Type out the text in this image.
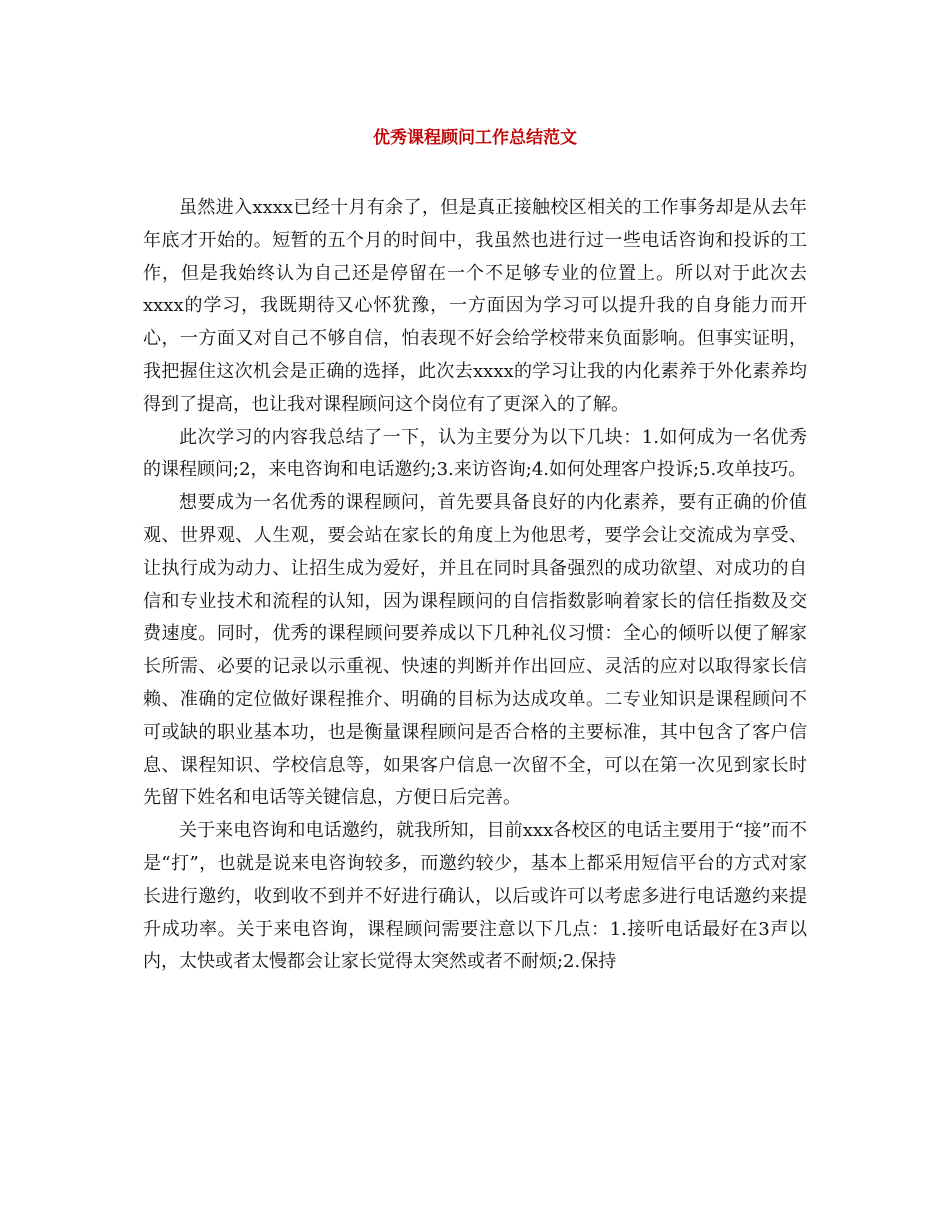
优秀课程顾问工作总结范文

虽然进入xxxx已经十月有余了，但是真正接触校区相关的工作事务却是从去年年底才开始的。短暂的五个月的时间中，我虽然也进行过一些电话咨询和投诉的工作，但是我始终认为自己还是停留在一个不足够专业的位置上。所以对于此次去xxxx的学习，我既期待又心怀犹豫，一方面因为学习可以提升我的自身能力而开心，一方面又对自己不够自信，怕表现不好会给学校带来负面影响。但事实证明，我把握住这次机会是正确的选择，此次去xxxx的学习让我的内化素养于外化素养均得到了提高，也让我对课程顾问这个岗位有了更深入的了解。

此次学习的内容我总结了一下，认为主要分为以下几块：1.如何成为一名优秀的课程顾问;2，来电咨询和电话邀约;3.来访咨询;4.如何处理客户投诉;5.攻单技巧。

想要成为一名优秀的课程顾问，首先要具备良好的内化素养，要有正确的价值观、世界观、人生观，要会站在家长的角度上为他思考，要学会让交流成为享受、让执行成为动力、让招生成为爱好，并且在同时具备强烈的成功欲望、对成功的自信和专业技术和流程的认知，因为课程顾问的自信指数影响着家长的信任指数及交费速度。同时，优秀的课程顾问要养成以下几种礼仪习惯：全心的倾听以便了解家长所需、必要的记录以示重视、快速的判断并作出回应、灵活的应对以取得家长信赖、准确的定位做好课程推介、明确的目标为达成攻单。二专业知识是课程顾问不可或缺的职业基本功，也是衡量课程顾问是否合格的主要标准，其中包含了客户信息、课程知识、学校信息等，如果客户信息一次留不全，可以在第一次见到家长时先留下姓名和电话等关键信息，方便日后完善。

关于来电咨询和电话邀约，就我所知，目前xxx各校区的电话主要用于“接”而不是“打”，也就是说来电咨询较多，而邀约较少，基本上都采用短信平台的方式对家长进行邀约，收到收不到并不好进行确认，以后或许可以考虑多进行电话邀约来提升成功率。关于来电咨询，课程顾问需要注意以下几点：1.接听电话最好在3声以内，太快或者太慢都会让家长觉得太突然或者不耐烦;2.保持
